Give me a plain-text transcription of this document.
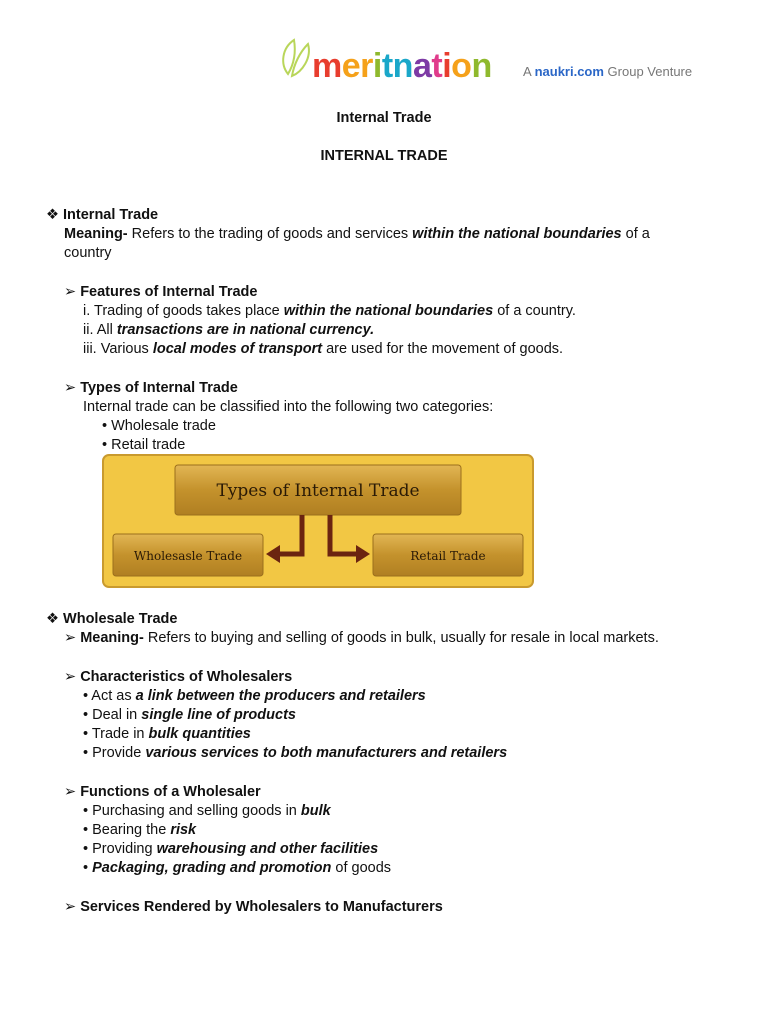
meritnation A naukri.com Group Venture
Internal Trade
INTERNAL TRADE
❖ Internal Trade
Meaning- Refers to the trading of goods and services within the national boundaries of a
country
➢ Features of Internal Trade
i. Trading of goods takes place within the national boundaries of a country.
ii. All transactions are in national currency.
iii. Various local modes of transport are used for the movement of goods.
➢ Types of Internal Trade
Internal trade can be classified into the following two categories:
• Wholesale trade
• Retail trade
Types of Internal Trade
Wholesasle Trade	Retail Trade
❖ Wholesale Trade
➢ Meaning- Refers to buying and selling of goods in bulk, usually for resale in local markets.
➢ Characteristics of Wholesalers
• Act as a link between the producers and retailers
• Deal in single line of products
• Trade in bulk quantities
• Provide various services to both manufacturers and retailers
➢ Functions of a Wholesaler
• Purchasing and selling goods in bulk
• Bearing the risk
• Providing warehousing and other facilities
• Packaging, grading and promotion of goods
➢ Services Rendered by Wholesalers to Manufacturers
